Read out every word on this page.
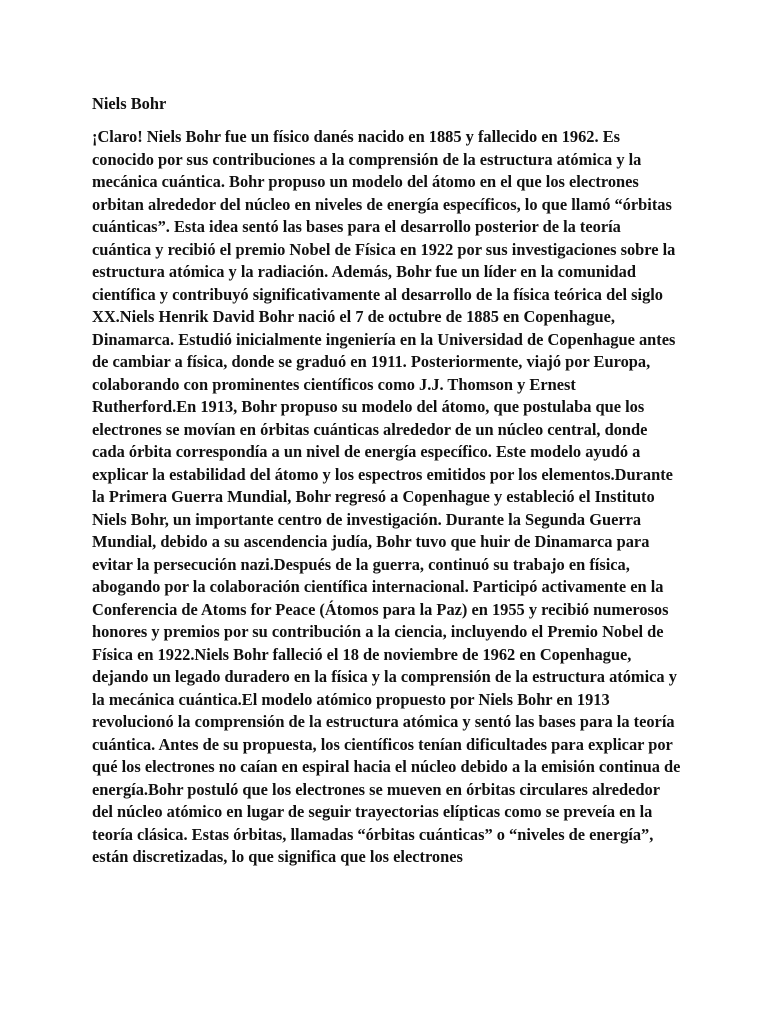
Niels Bohr

¡Claro! Niels Bohr fue un físico danés nacido en 1885 y fallecido en 1962. Es conocido por sus contribuciones a la comprensión de la estructura atómica y la mecánica cuántica. Bohr propuso un modelo del átomo en el que los electrones orbitan alrededor del núcleo en niveles de energía específicos, lo que llamó “órbitas cuánticas”. Esta idea sentó las bases para el desarrollo posterior de la teoría cuántica y recibió el premio Nobel de Física en 1922 por sus investigaciones sobre la estructura atómica y la radiación. Además, Bohr fue un líder en la comunidad científica y contribuyó significativamente al desarrollo de la física teórica del siglo XX.Niels Henrik David Bohr nació el 7 de octubre de 1885 en Copenhague, Dinamarca. Estudió inicialmente ingeniería en la Universidad de Copenhague antes de cambiar a física, donde se graduó en 1911. Posteriormente, viajó por Europa, colaborando con prominentes científicos como J.J. Thomson y Ernest Rutherford.En 1913, Bohr propuso su modelo del átomo, que postulaba que los electrones se movían en órbitas cuánticas alrededor de un núcleo central, donde cada órbita correspondía a un nivel de energía específico. Este modelo ayudó a explicar la estabilidad del átomo y los espectros emitidos por los elementos.Durante la Primera Guerra Mundial, Bohr regresó a Copenhague y estableció el Instituto Niels Bohr, un importante centro de investigación. Durante la Segunda Guerra Mundial, debido a su ascendencia judía, Bohr tuvo que huir de Dinamarca para evitar la persecución nazi.Después de la guerra, continuó su trabajo en física, abogando por la colaboración científica internacional. Participó activamente en la Conferencia de Atoms for Peace (Átomos para la Paz) en 1955 y recibió numerosos honores y premios por su contribución a la ciencia, incluyendo el Premio Nobel de Física en 1922.Niels Bohr falleció el 18 de noviembre de 1962 en Copenhague, dejando un legado duradero en la física y la comprensión de la estructura atómica y la mecánica cuántica.El modelo atómico propuesto por Niels Bohr en 1913 revolucionó la comprensión de la estructura atómica y sentó las bases para la teoría cuántica. Antes de su propuesta, los científicos tenían dificultades para explicar por qué los electrones no caían en espiral hacia el núcleo debido a la emisión continua de energía.Bohr postuló que los electrones se mueven en órbitas circulares alrededor del núcleo atómico en lugar de seguir trayectorias elípticas como se preveía en la teoría clásica. Estas órbitas, llamadas “órbitas cuánticas” o “niveles de energía”, están discretizadas, lo que significa que los electrones
